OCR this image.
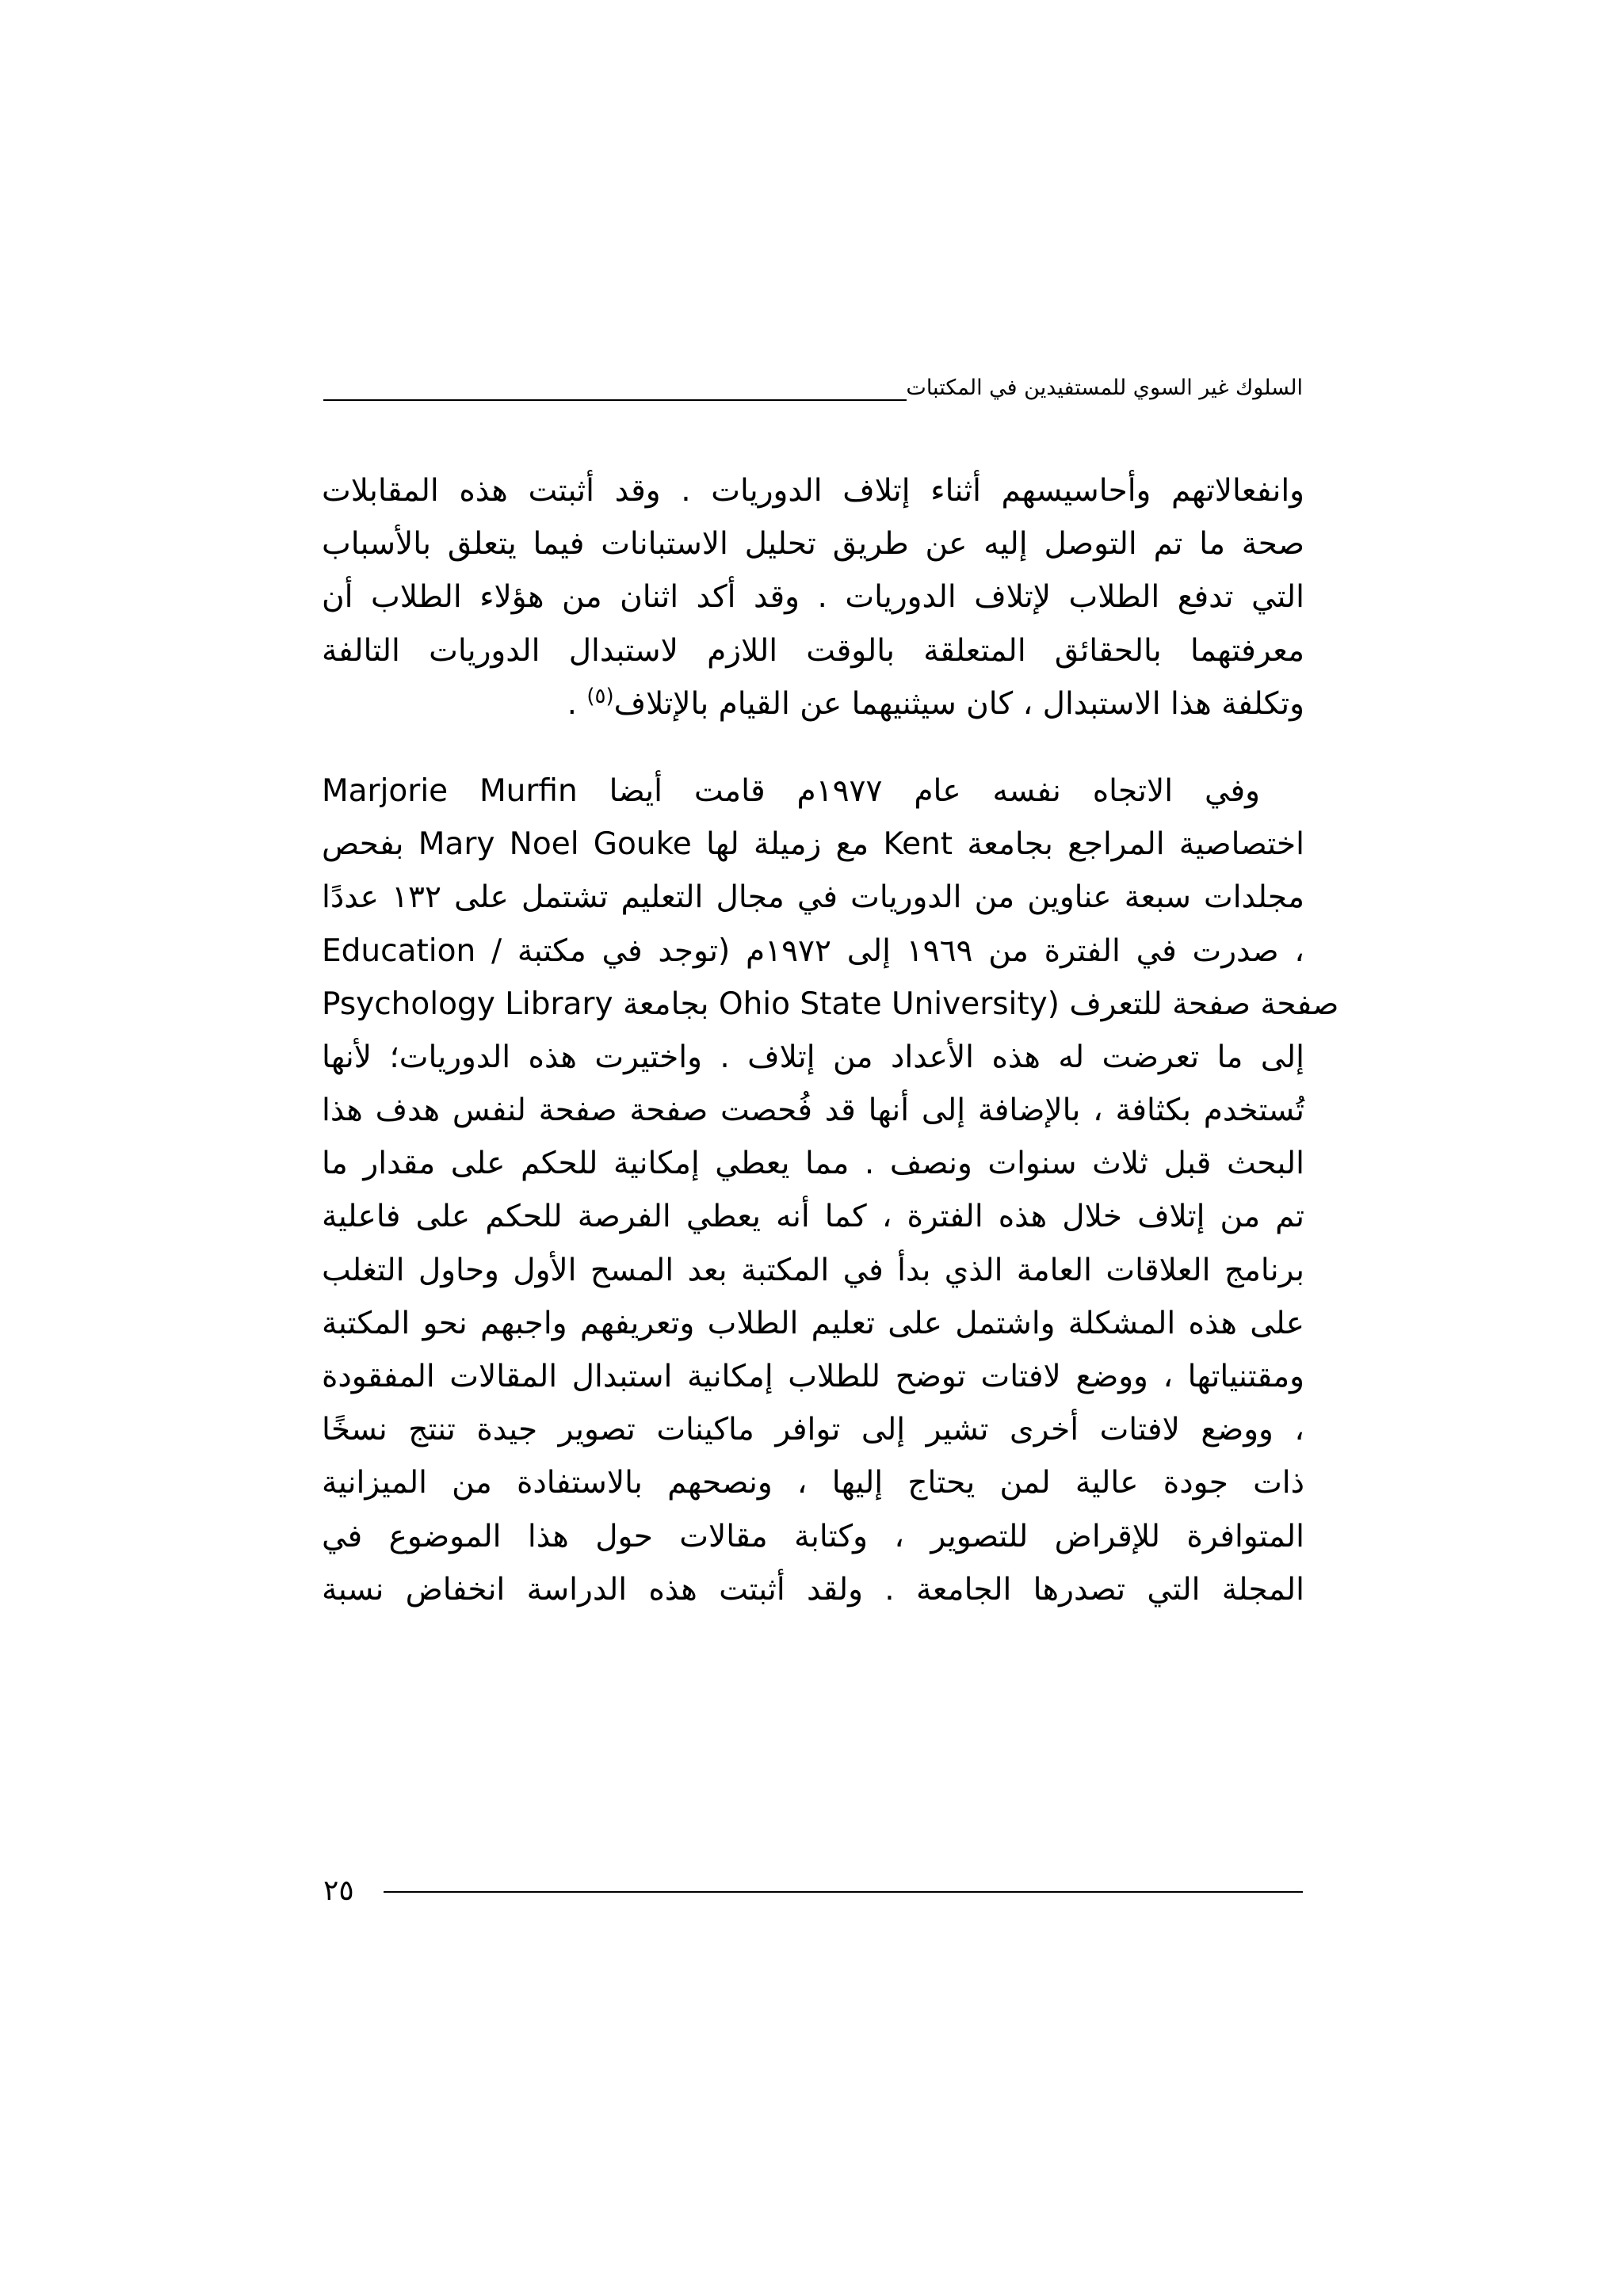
السلوك غير السوي للمستفيدين في المكتبات
وانفعالاتهم وأحاسيسهم أثناء إتلاف الدوريات . وقد أثبتت هذه المقابلات
صحة ما تم التوصل إليه عن طريق تحليل الاستبانات فيما يتعلق بالأسباب
التي تدفع الطلاب لإتلاف الدوريات . وقد أكد اثنان من هؤلاء الطلاب أن
معرفتهما بالحقائق المتعلقة بالوقت اللازم لاستبدال الدوريات التالفة
وتكلفة هذا الاستبدال ، كان سيثنيهما عن القيام بالإتلاف$^{(٥)}$ .
وفي الاتجاه نفسه عام ١٩٧٧م قامت أيضا Marjorie Murfin
اختصاصية المراجع بجامعة Kent مع زميلة لها Mary Noel Gouke بفحص
مجلدات سبعة عناوين من الدوريات في مجال التعليم تشتمل على ١٣٢ عددًا
، صدرت في الفترة من ١٩٦٩ إلى ١٩٧٢م (توجد في مكتبة / Education
Psychology Library بجامعة Ohio State University) صفحة صفحة للتعرف
إلى ما تعرضت له هذه الأعداد من إتلاف . واختيرت هذه الدوريات؛ لأنها
تُستخدم بكثافة ، بالإضافة إلى أنها قد فُحصت صفحة صفحة لنفس هدف هذا
البحث قبل ثلاث سنوات ونصف . مما يعطي إمكانية للحكم على مقدار ما
تم من إتلاف خلال هذه الفترة ، كما أنه يعطي الفرصة للحكم على فاعلية
برنامج العلاقات العامة الذي بدأ في المكتبة بعد المسح الأول وحاول التغلب
على هذه المشكلة واشتمل على تعليم الطلاب وتعريفهم واجبهم نحو المكتبة
ومقتنياتها ، ووضع لافتات توضح للطلاب إمكانية استبدال المقالات المفقودة
، ووضع لافتات أخرى تشير إلى توافر ماكينات تصوير جيدة تنتج نسخًا
ذات جودة عالية لمن يحتاج إليها ، ونصحهم بالاستفادة من الميزانية
المتوافرة للإقراض للتصوير ، وكتابة مقالات حول هذا الموضوع في
المجلة التي تصدرها الجامعة . ولقد أثبتت هذه الدراسة انخفاض نسبة
٢٥
